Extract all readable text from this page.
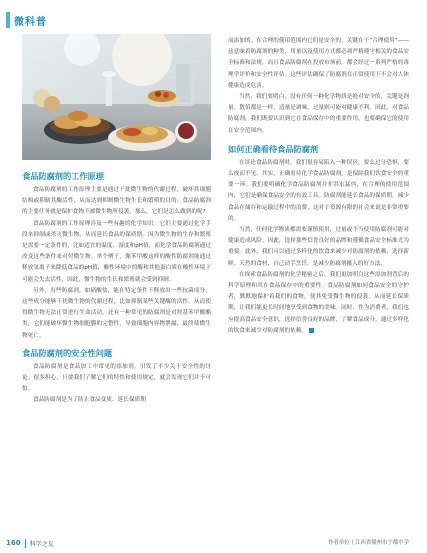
微科普

食品防腐剂的工作原理

食品防腐剂的工作原理主要是通过干扰微生物的代谢过程，破坏其细胞结构或抑制其酶活性，从而达到抑制微生物生长和繁殖的目的。食品防腐剂的主要任务就是保护食物不被微生物所侵袭。那么，它们是怎么做到的呢?

食品防腐剂的工作原理涉及一些有趣的化学知识。它们主要通过化学手段来抑制或杀灭微生物，从而延长食品的保质期。因为微生物的生存和繁殖是需要一定条件的，比如适宜的温度、湿度和pH值，而化学食品防腐剂通过改变这些条件来对付微生物。举个例子，像苯甲酸这样的酸性防腐剂能通过释放氢离子来降低食品的pH值，酸性环境中的酶和其他蛋白质在酸性环境下可能会失去活性，因此，微生物的生长和繁殖就会受到抑制。

另外，有些防腐剂，如硝酸盐，能在特定条件下释放出一些抗菌成分，这些成分能够干扰微生物的代谢过程，比如抑制某些关键酶的活性，从而使得微生物无法正常进行生命活动。还有一种常见的防腐剂是对羟基苯甲酸酯类，它们能破坏微生物细胞膜的完整性，导致细胞内容物泄漏，最终使微生物死亡。

食品防腐剂的安全性问题

食品防腐剂是食品加工中常见的添加剂，引发了不少关于安全性的讨论。很多担心，只要我们了解它们的特性和使用规定，就会发现它们并不可怕。

食品防腐剂是为了防止食品变质、延长保质期

而添加的。在合理的使用范围内它们是安全的，关键在于“合理使用”——这意味着防腐剂的种类、用量以及使用方式都必须严格遵守相关的食品安全标准和法规。而且食品防腐剂在投放市场前，都会经过一系列严格的毒理学评价和安全性评估。这些评估确保了防腐剂在正常使用下不会对人体健康造成危害。

当然，我们要明白，没有任何一种化学物质是绝对安全的，关键是剂量。数值都是一样，适量是调味，过量则可能对健康不利。因此，对食品防腐剂，我们既要认识到它在食品保存中的重要作用，也要确保它的使用在安全范围内。

如何正确看待食品防腐剂

在谈论食品防腐剂时，我们很容易陷入一种误区，要么过分恐惧，要么视而不见。其实，正确看待化学食品防腐剂，是保障我们饮食安全的重要一环。我们要明确化学食品防腐剂并非洪水猛兽，在合理的使用范围内，它们是确保食品安全的有效工具。防腐剂能延长食品的保质期，减少食品在储存和运输过程中的浪费，这对于资源有限的社会来说是非常重要的。

当然，任何化学物质都需要谨慎使用，过量或不当使用防腐剂可能对健康造成风险。因此，选择那些信誉良好的品牌和遵循食品安全标准尤为重要。此外，我们可以通过多样化的饮食来减少对防腐剂的依赖，选择新鲜、天然的食材，自己动手烹饪，是减少防腐剂摄入的好方法。

在探索食品防腐剂的化学秘密之后，我们更加明白这些添加剂背后的科学原理和其在食品保存中的重要性。食品防腐剂如同食品安全的守护者，默默地保护着我们的食物，使其免受微生物的侵袭，从而延长保质期，让我们能更长时间地享受到食物的美味。同时，作为消费者，我们也应提高食品安全意识，选择信誉良好的品牌，了解食品成分，通过多样化的饮食来减少对防腐剂的依赖。

160 科学之友	作者单位丨江西省赣州市宁都中学
